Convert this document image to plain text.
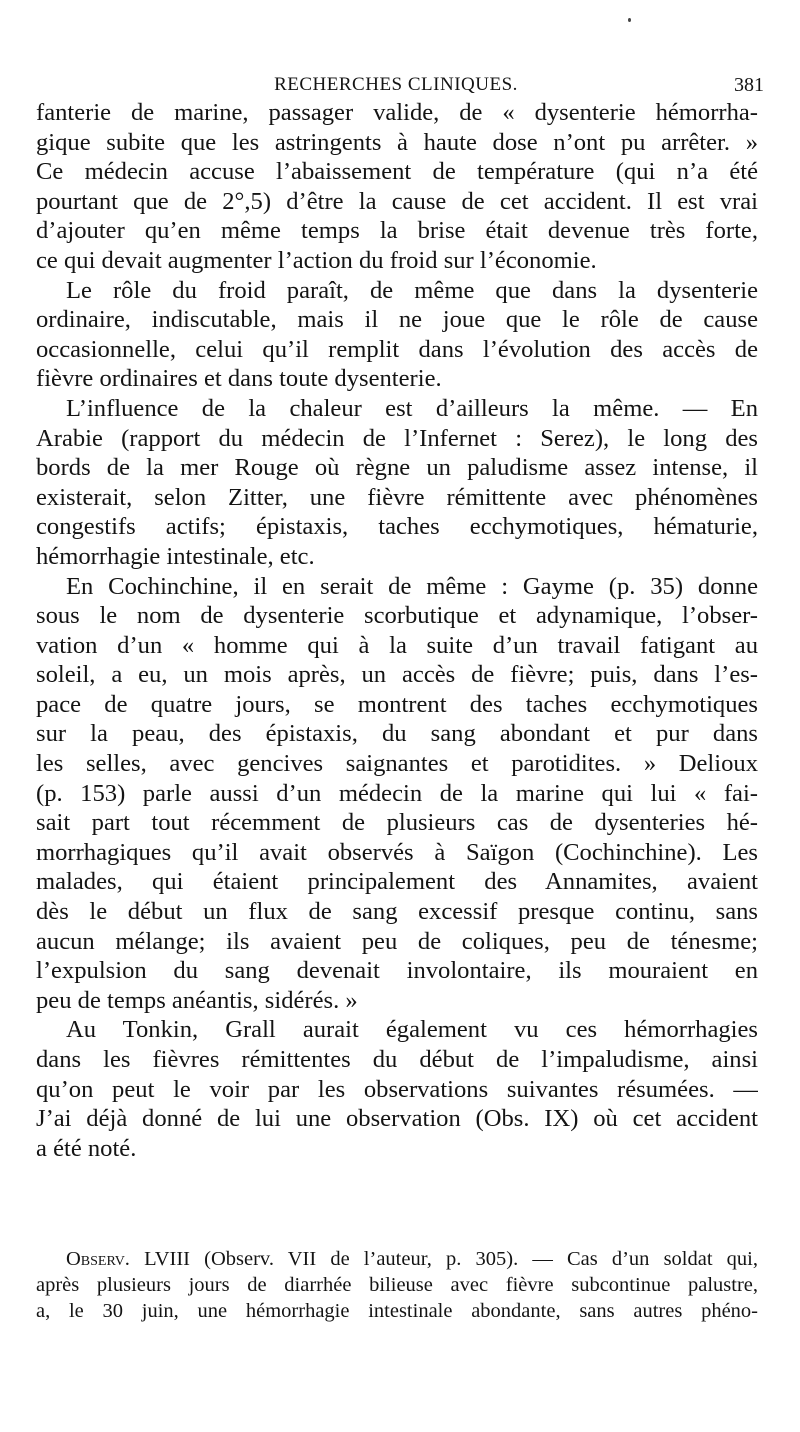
RECHERCHES CLINIQUES.	381
fanterie de marine, passager valide, de « dysenterie hémorrha-
gique subite que les astringents à haute dose n’ont pu arrêter. »
Ce médecin accuse l’abaissement de température (qui n’a été
pourtant que de 2°,5) d’être la cause de cet accident. Il est vrai
d’ajouter qu’en même temps la brise était devenue très forte,
ce qui devait augmenter l’action du froid sur l’économie.
Le rôle du froid paraît, de même que dans la dysenterie
ordinaire, indiscutable, mais il ne joue que le rôle de cause
occasionnelle, celui qu’il remplit dans l’évolution des accès de
fièvre ordinaires et dans toute dysenterie.
L’influence de la chaleur est d’ailleurs la même. — En
Arabie (rapport du médecin de l’Infernet : Serez), le long des
bords de la mer Rouge où règne un paludisme assez intense, il
existerait, selon Zitter, une fièvre rémittente avec phénomènes
congestifs actifs; épistaxis, taches ecchymotiques, hématurie,
hémorrhagie intestinale, etc.
En Cochinchine, il en serait de même : Gayme (p. 35) donne
sous le nom de dysenterie scorbutique et adynamique, l’obser-
vation d’un « homme qui à la suite d’un travail fatigant au
soleil, a eu, un mois après, un accès de fièvre; puis, dans l’es-
pace de quatre jours, se montrent des taches ecchymotiques
sur la peau, des épistaxis, du sang abondant et pur dans
les selles, avec gencives saignantes et parotidites. » Delioux
(p. 153) parle aussi d’un médecin de la marine qui lui « fai-
sait part tout récemment de plusieurs cas de dysenteries hé-
morrhagiques qu’il avait observés à Saïgon (Cochinchine). Les
malades, qui étaient principalement des Annamites, avaient
dès le début un flux de sang excessif presque continu, sans
aucun mélange; ils avaient peu de coliques, peu de ténesme;
l’expulsion du sang devenait involontaire, ils mouraient en
peu de temps anéantis, sidérés. »
Au Tonkin, Grall aurait également vu ces hémorrhagies
dans les fièvres rémittentes du début de l’impaludisme, ainsi
qu’on peut le voir par les observations suivantes résumées. —
J’ai déjà donné de lui une observation (Obs. IX) où cet accident
a été noté.
Observ. LVIII (Observ. VII de l’auteur, p. 305). — Cas d’un soldat qui,
après plusieurs jours de diarrhée bilieuse avec fièvre subcontinue palustre,
a, le 30 juin, une hémorrhagie intestinale abondante, sans autres phéno-
